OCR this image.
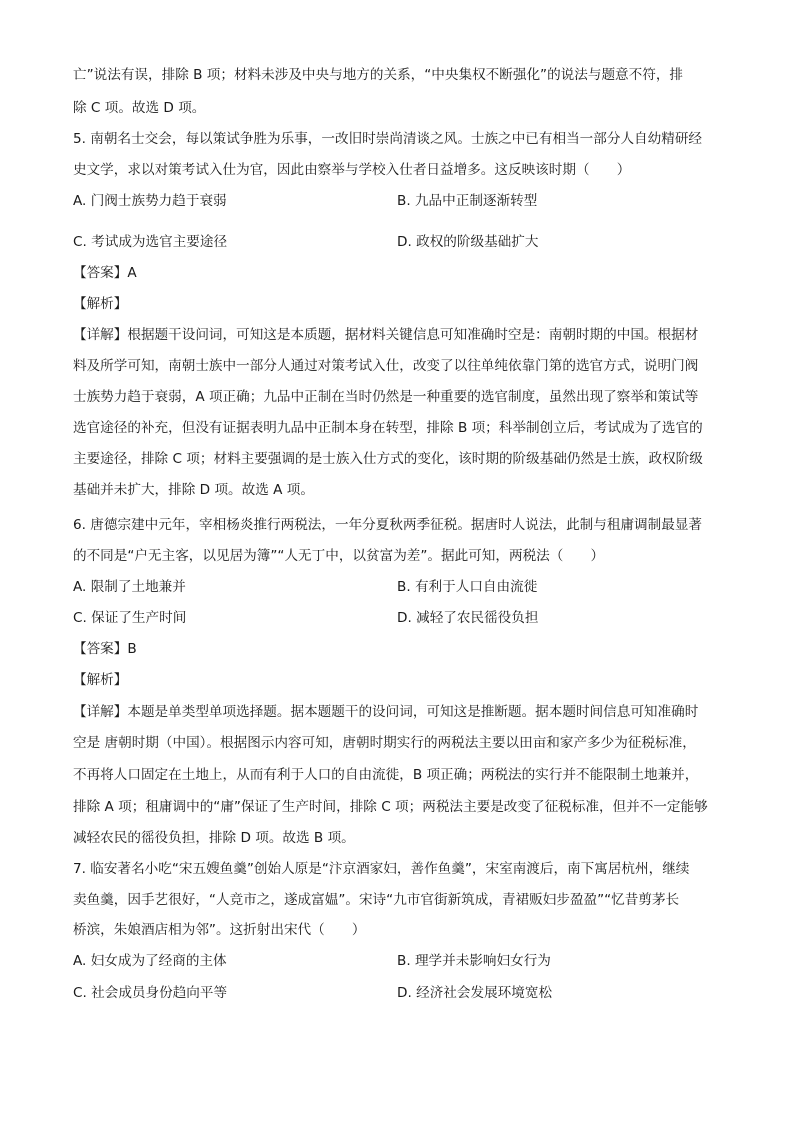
亡”说法有误，排除 B 项；材料未涉及中央与地方的关系，“中央集权不断强化”的说法与题意不符，排
除 C 项。故选 D 项。
5. 南朝名士交会，每以策试争胜为乐事，一改旧时崇尚清谈之风。士族之中已有相当一部分人自幼精研经
史文学，求以对策考试入仕为官，因此由察举与学校入仕者日益增多。这反映该时期（　　）
A. 门阀士族势力趋于衰弱	B. 九品中正制逐渐转型
C. 考试成为选官主要途径	D. 政权的阶级基础扩大
【答案】A
【解析】
【详解】根据题干设问词，可知这是本质题，据材料关键信息可知准确时空是：南朝时期的中国。根据材
料及所学可知，南朝士族中一部分人通过对策考试入仕，改变了以往单纯依靠门第的选官方式，说明门阀
士族势力趋于衰弱，A 项正确；九品中正制在当时仍然是一种重要的选官制度，虽然出现了察举和策试等
选官途径的补充，但没有证据表明九品中正制本身在转型，排除 B 项；科举制创立后，考试成为了选官的
主要途径，排除 C 项；材料主要强调的是士族入仕方式的变化，该时期的阶级基础仍然是士族，政权阶级
基础并未扩大，排除 D 项。故选 A 项。
6. 唐德宗建中元年，宰相杨炎推行两税法，一年分夏秋两季征税。据唐时人说法，此制与租庸调制最显著
的不同是“户无主客，以见居为簿”“人无丁中，以贫富为差”。据此可知，两税法（　　）
A. 限制了土地兼并	B. 有利于人口自由流徙
C. 保证了生产时间	D. 减轻了农民徭役负担
【答案】B
【解析】
【详解】本题是单类型单项选择题。据本题题干的设问词，可知这是推断题。据本题时间信息可知准确时
空是 唐朝时期（中国）。根据图示内容可知，唐朝时期实行的两税法主要以田亩和家产多少为征税标准，
不再将人口固定在土地上，从而有利于人口的自由流徙，B 项正确；两税法的实行并不能限制土地兼并，
排除 A 项；租庸调中的“庸”保证了生产时间，排除 C 项；两税法主要是改变了征税标准，但并不一定能够
减轻农民的徭役负担，排除 D 项。故选 B 项。
7. 临安著名小吃“宋五嫂鱼羹”创始人原是“汴京酒家妇，善作鱼羹”，宋室南渡后，南下寓居杭州，继续
卖鱼羹，因手艺很好，“人竞市之，遂成富媪”。宋诗“九市官街新筑成，青裙贩妇步盈盈”“忆昔剪茅长
桥滨，朱娘酒店相为邻”。这折射出宋代（　　）
A. 妇女成为了经商的主体	B. 理学并未影响妇女行为
C. 社会成员身份趋向平等	D. 经济社会发展环境宽松
